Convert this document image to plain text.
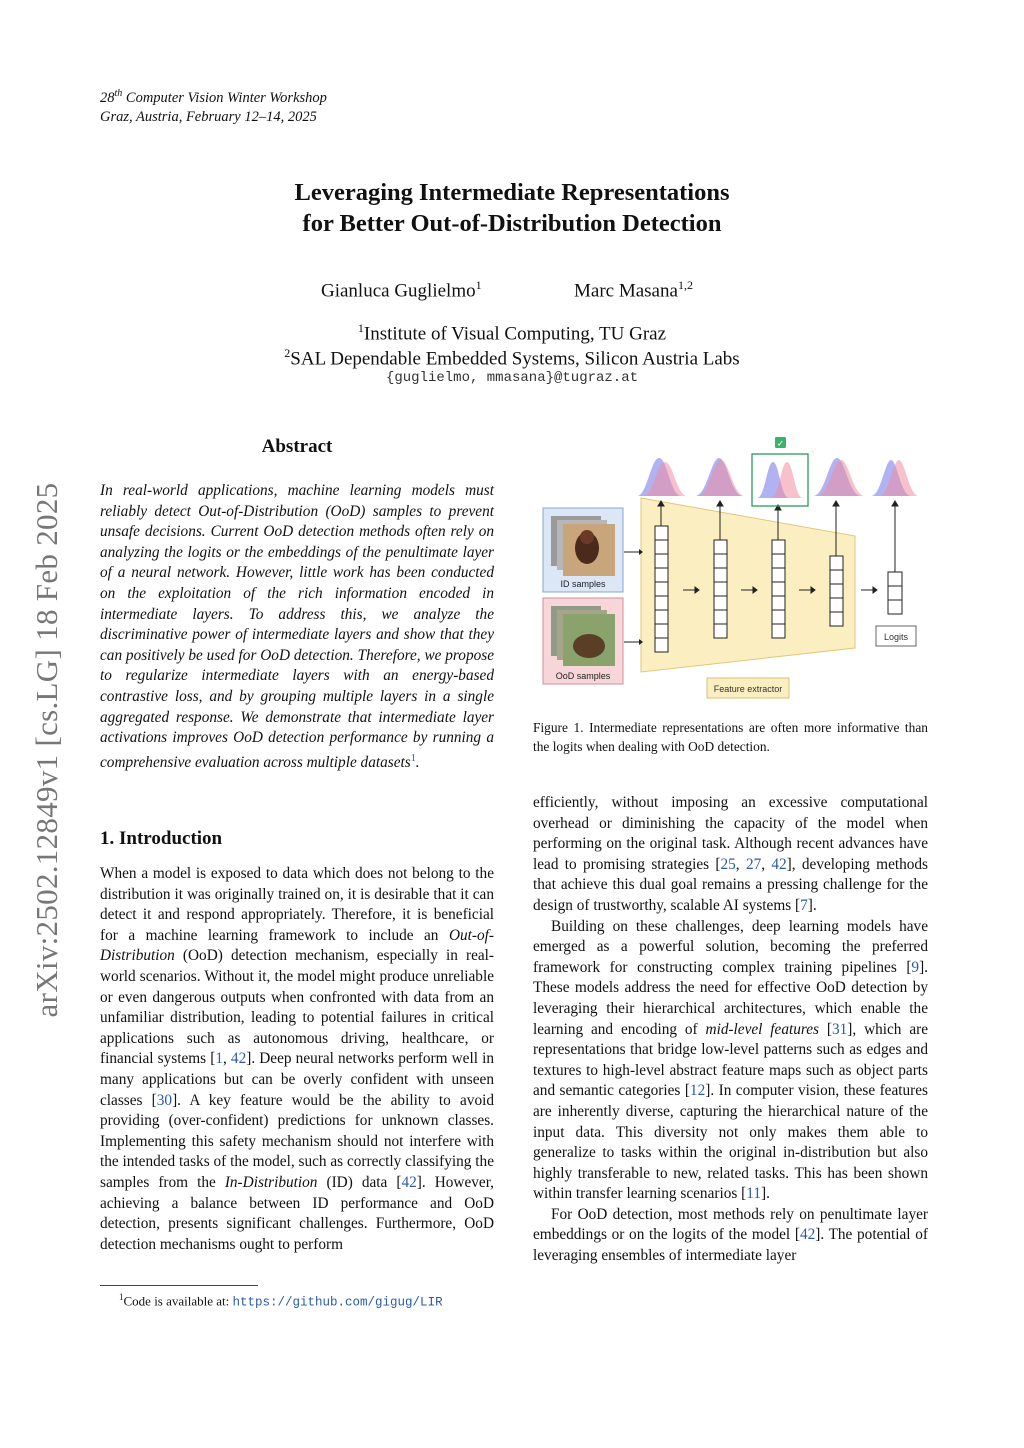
28th Computer Vision Winter Workshop
Graz, Austria, February 12–14, 2025
arXiv:2502.12849v1 [cs.LG] 18 Feb 2025
Leveraging Intermediate Representations
for Better Out-of-Distribution Detection
Gianluca Guglielmo$^1$	Marc Masana$^{1,2}$
$^1$Institute of Visual Computing, TU Graz
$^2$SAL Dependable Embedded Systems, Silicon Austria Labs
{guglielmo, mmasana}@tugraz.at
Abstract
In real-world applications, machine learning models must reliably detect Out-of-Distribution (OoD) samples to prevent unsafe decisions. Current OoD detection methods often rely on analyzing the logits or the embeddings of the penultimate layer of a neural network. However, little work has been conducted on the exploitation of the rich information encoded in intermediate layers. To address this, we analyze the discriminative power of intermediate layers and show that they can positively be used for OoD detection. Therefore, we propose to regularize intermediate layers with an energy-based contrastive loss, and by grouping multiple layers in a single aggregated response. We demonstrate that intermediate layer activations improves OoD detection performance by running a comprehensive evaluation across multiple datasets$^1$.
ID samples
OoD samples
✓
Logits
Feature extractor
Figure 1. Intermediate representations are often more informative than the logits when dealing with OoD detection.
1. Introduction

When a model is exposed to data which does not belong to the distribution it was originally trained on, it is desirable that it can detect it and respond appropriately. Therefore, it is beneficial for a machine learning framework to include an Out-of-Distribution (OoD) detection mechanism, especially in real-world scenarios. Without it, the model might produce unreliable or even dangerous outputs when confronted with data from an unfamiliar distribution, leading to potential failures in critical applications such as autonomous driving, healthcare, or financial systems [1, 42]. Deep neural networks perform well in many applications but can be overly confident with unseen classes [30]. A key feature would be the ability to avoid providing (over-confident) predictions for unknown classes. Implementing this safety mechanism should not interfere with the intended tasks of the model, such as correctly classifying the samples from the In-Distribution (ID) data [42]. However, achieving a balance between ID performance and OoD detection, presents significant challenges. Furthermore, OoD detection mechanisms ought to perform

efficiently, without imposing an excessive computational overhead or diminishing the capacity of the model when performing on the original task. Although recent advances have lead to promising strategies [25, 27, 42], developing methods that achieve this dual goal remains a pressing challenge for the design of trustworthy, scalable AI systems [7].

Building on these challenges, deep learning models have emerged as a powerful solution, becoming the preferred framework for constructing complex training pipelines [9]. These models address the need for effective OoD detection by leveraging their hierarchical architectures, which enable the learning and encoding of mid-level features [31], which are representations that bridge low-level patterns such as edges and textures to high-level abstract feature maps such as object parts and semantic categories [12]. In computer vision, these features are inherently diverse, capturing the hierarchical nature of the input data. This diversity not only makes them able to generalize to tasks within the original in-distribution but also highly transferable to new, related tasks. This has been shown within transfer learning scenarios [11].

For OoD detection, most methods rely on penultimate layer embeddings or on the logits of the model [42]. The potential of leveraging ensembles of intermediate layer

$^1$Code is available at: https://github.com/gigug/LIR
